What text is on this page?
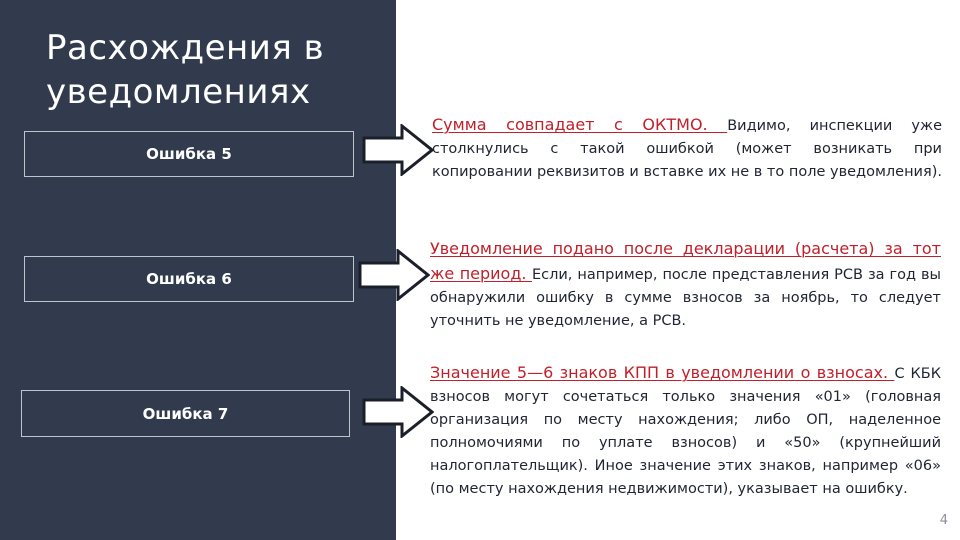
Расхождения в уведомлениях
Ошибка 5
Сумма совпадает с ОКТМО. Видимо, инспекции уже столкнулись с такой ошибкой (может возникать при копировании реквизитов и вставке их не в то поле уведомления).
Ошибка 6
Уведомление подано после декларации (расчета) за тот же период. Если, например, после представления РСВ за год вы обнаружили ошибку в сумме взносов за ноябрь, то следует уточнить не уведомление, а РСВ.
Ошибка 7
Значение 5—6 знаков КПП в уведомлении о взносах. С КБК взносов могут сочетаться только значения «01» (головная организация по месту нахождения; либо ОП, наделенное полномочиями по уплате взносов) и «50» (крупнейший налогоплательщик). Иное значение этих знаков, например «06» (по месту нахождения недвижимости), указывает на ошибку.
4
